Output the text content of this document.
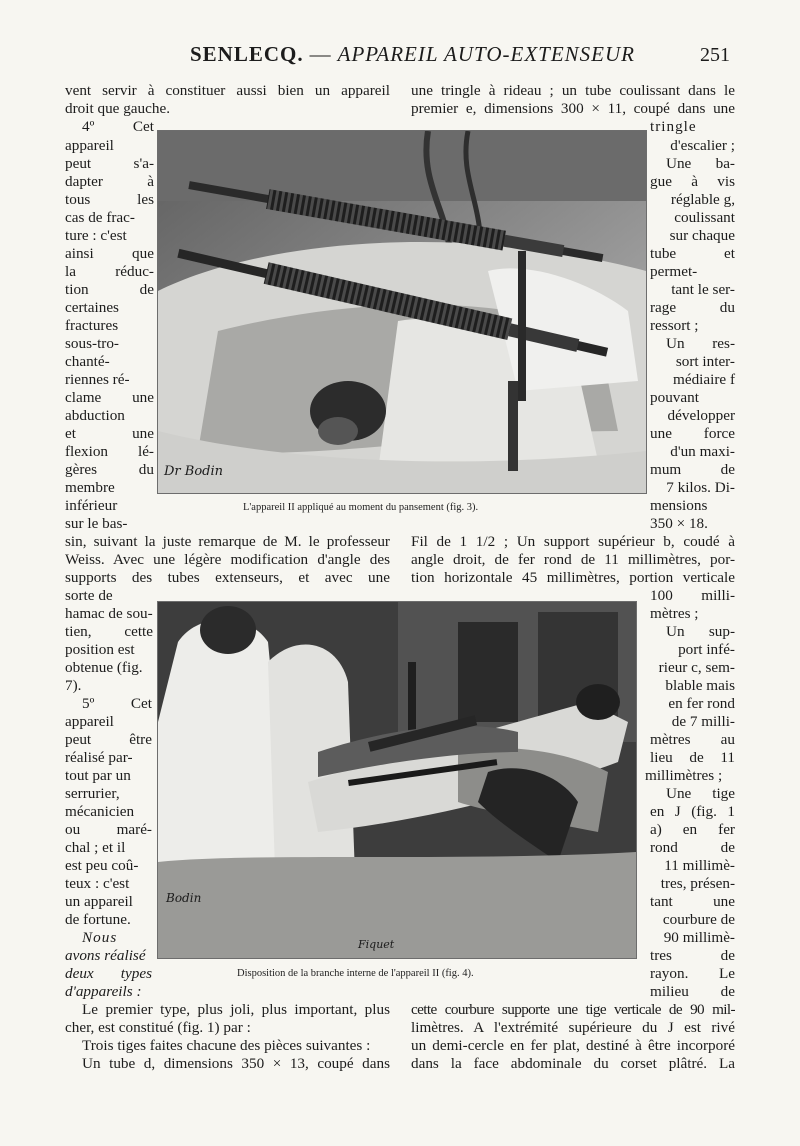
SENLECQ. — APPAREIL AUTO-EXTENSEUR	251
Dr Bodin
L'appareil II appliqué au moment du pansement (fig. 3).
Bodin
Fiquet
Disposition de la branche interne de l'appareil II (fig. 4).
vent servir à constituer aussi bien un appareil
droit que gauche.
4º Cet
appareil
peut s'a-
dapter à
tous les
cas de frac-
ture : c'est
ainsi que
la réduc-
tion de
certaines
fractures
sous-tro-
chanté-
riennes ré-
clame une
abduction
et une
flexion lé-
gères du
membre
inférieur
sur le bas-
sin, suivant la juste remarque de M. le professeur
Weiss. Avec une légère modification d'angle des
supports des tubes extenseurs, et avec une
sorte de
hamac de sou-
tien, cette
position est
obtenue (fig.
7).
5º Cet
appareil
peut être
réalisé par-
tout par un
serrurier,
mécanicien
ou maré-
chal ; et il
est peu coû-
teux : c'est
un appareil
de fortune.
Nous
avons réalisé
deux types
d'appareils :
Le premier type, plus joli, plus important, plus
cher, est constitué (fig. 1) par :
Trois tiges faites chacune des pièces suivantes :
Un tube d, dimensions 350 × 13, coupé dans
une tringle à rideau ; un tube coulissant dans le
premier e, dimensions 300 × 11, coupé dans une
tringle
d'escalier ;
Une ba-
gue à vis
réglable g,
coulissant
sur chaque
tube et
permet-
tant le ser-
rage du
ressort ;
Un res-
sort inter-
médiaire f
pouvant
développer
une force
d'un maxi-
mum de
7 kilos. Di-
mensions
350 × 18.
Fil de 1 1/2 ; Un support supérieur b, coudé à
angle droit, de fer rond de 11 millimètres, por-
tion horizontale 45 millimètres, portion verticale
100 milli-
mètres ;
Un sup-
port infé-
rieur c, sem-
blable mais
en fer rond
de 7 milli-
mètres au
lieu de 11
millimètres ;
Une tige
en J (fig. 1
a) en fer
rond de
11 millimè-
tres, présen-
tant une
courbure de
90 millimè-
tres de
rayon. Le
milieu de
cette courbure supporte une tige verticale de 90 mil-
limètres. A l'extrémité supérieure du J est rivé
un demi-cercle en fer plat, destiné à être incorporé
dans la face abdominale du corset plâtré. La
